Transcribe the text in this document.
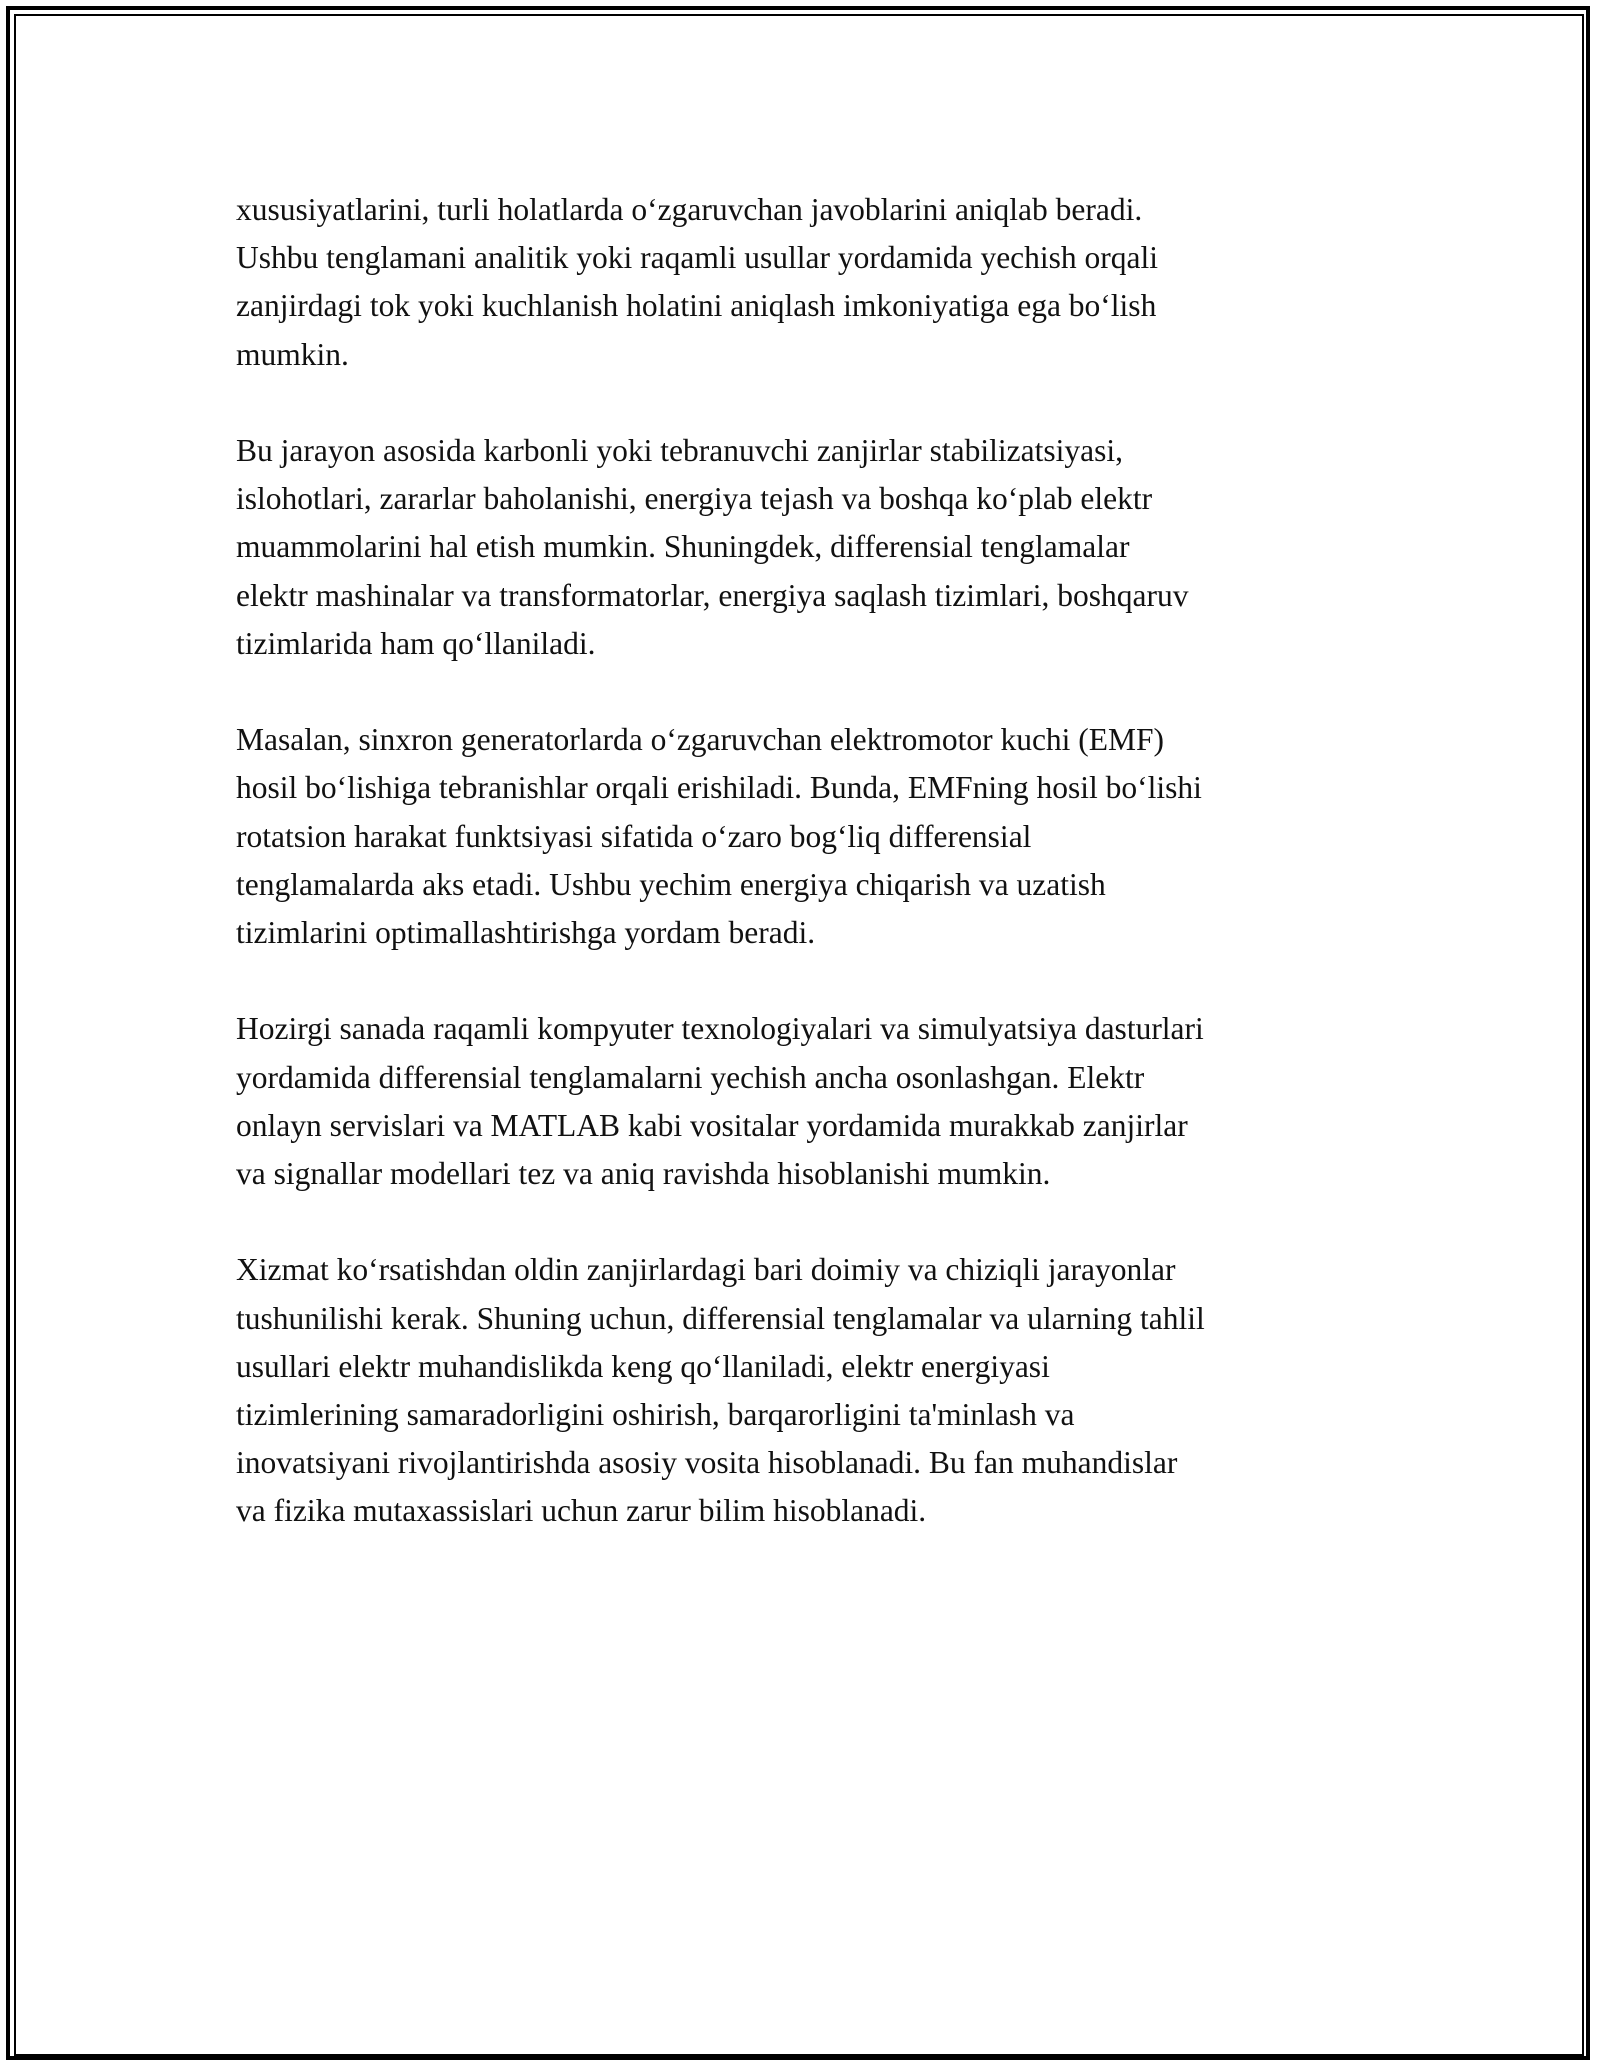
xususiyatlarini, turli holatlarda o‘zgaruvchan javoblarini aniqlab beradi.
Ushbu tenglamani analitik yoki raqamli usullar yordamida yechish orqali
zanjirdagi tok yoki kuchlanish holatini aniqlash imkoniyatiga ega bo‘lish
mumkin.

Bu jarayon asosida karbonli yoki tebranuvchi zanjirlar stabilizatsiyasi,
islohotlari, zararlar baholanishi, energiya tejash va boshqa ko‘plab elektr
muammolarini hal etish mumkin. Shuningdek, differensial tenglamalar
elektr mashinalar va transformatorlar, energiya saqlash tizimlari, boshqaruv
tizimlarida ham qo‘llaniladi.

Masalan, sinxron generatorlarda o‘zgaruvchan elektromotor kuchi (EMF)
hosil bo‘lishiga tebranishlar orqali erishiladi. Bunda, EMFning hosil bo‘lishi
rotatsion harakat funktsiyasi sifatida o‘zaro bog‘liq differensial
tenglamalarda aks etadi. Ushbu yechim energiya chiqarish va uzatish
tizimlarini optimallashtirishga yordam beradi.

Hozirgi sanada raqamli kompyuter texnologiyalari va simulyatsiya dasturlari
yordamida differensial tenglamalarni yechish ancha osonlashgan. Elektr
onlayn servislari va MATLAB kabi vositalar yordamida murakkab zanjirlar
va signallar modellari tez va aniq ravishda hisoblanishi mumkin.

Xizmat ko‘rsatishdan oldin zanjirlardagi bari doimiy va chiziqli jarayonlar
tushunilishi kerak. Shuning uchun, differensial tenglamalar va ularning tahlil
usullari elektr muhandislikda keng qo‘llaniladi, elektr energiyasi
tizimlerining samaradorligini oshirish, barqarorligini ta'minlash va
inovatsiyani rivojlantirishda asosiy vosita hisoblanadi. Bu fan muhandislar
va fizika mutaxassislari uchun zarur bilim hisoblanadi.
